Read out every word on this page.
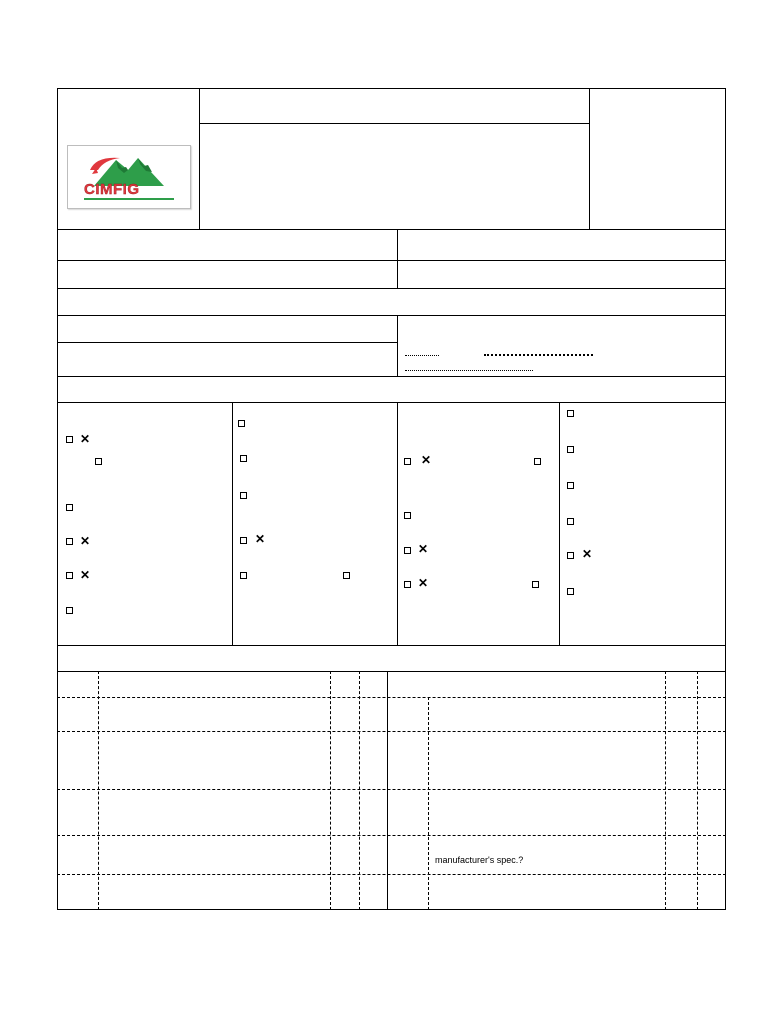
CIMFIG
✕
✕
✕
✕
✕
✕
✕
✕
manufacturer's spec.?
